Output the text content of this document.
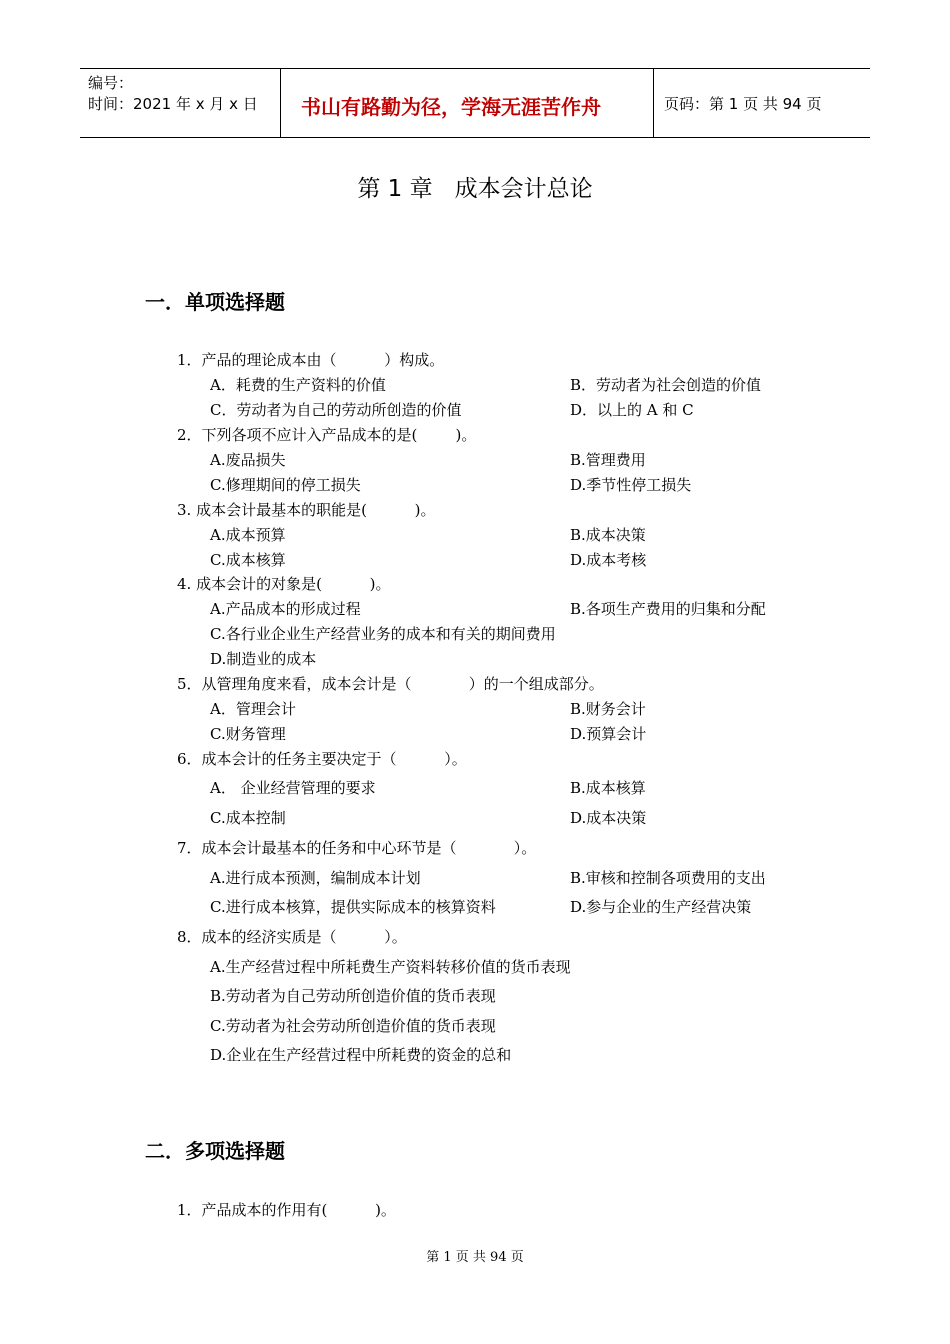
编号：
时间：2021 年 x 月 x 日	书山有路勤为径，学海无涯苦作舟	页码：第 1 页 共 94 页
第 1 章 成本会计总论
一．单项选择题
1．产品的理论成本由（          ）构成。
A．耗费的生产资料的价值	B．劳动者为社会创造的价值
C．劳动者为自己的劳动所创造的价值	D．以上的 A 和 C
2．下列各项不应计入产品成本的是(        )。
A.废品损失	B.管理费用
C.修理期间的停工损失	D.季节性停工损失
3. 成本会计最基本的职能是(          )。
A.成本预算	B.成本决策
C.成本核算	D.成本考核
4. 成本会计的对象是(          )。
A.产品成本的形成过程	B.各项生产费用的归集和分配
C.各行业企业生产经营业务的成本和有关的期间费用
D.制造业的成本
5．从管理角度来看，成本会计是（            ）的一个组成部分。
A．管理会计	B.财务会计
C.财务管理	D.预算会计
6．成本会计的任务主要决定于（          ）。
A． 企业经营管理的要求	B.成本核算
C.成本控制	D.成本决策
7．成本会计最基本的任务和中心环节是（            ）。
A.进行成本预测，编制成本计划	B.审核和控制各项费用的支出
C.进行成本核算，提供实际成本的核算资料	D.参与企业的生产经营决策
8．成本的经济实质是（          ）。
A.生产经营过程中所耗费生产资料转移价值的货币表现
B.劳动者为自己劳动所创造价值的货币表现
C.劳动者为社会劳动所创造价值的货币表现
D.企业在生产经营过程中所耗费的资金的总和
二．多项选择题
1．产品成本的作用有(          )。
第 1 页 共 94 页
